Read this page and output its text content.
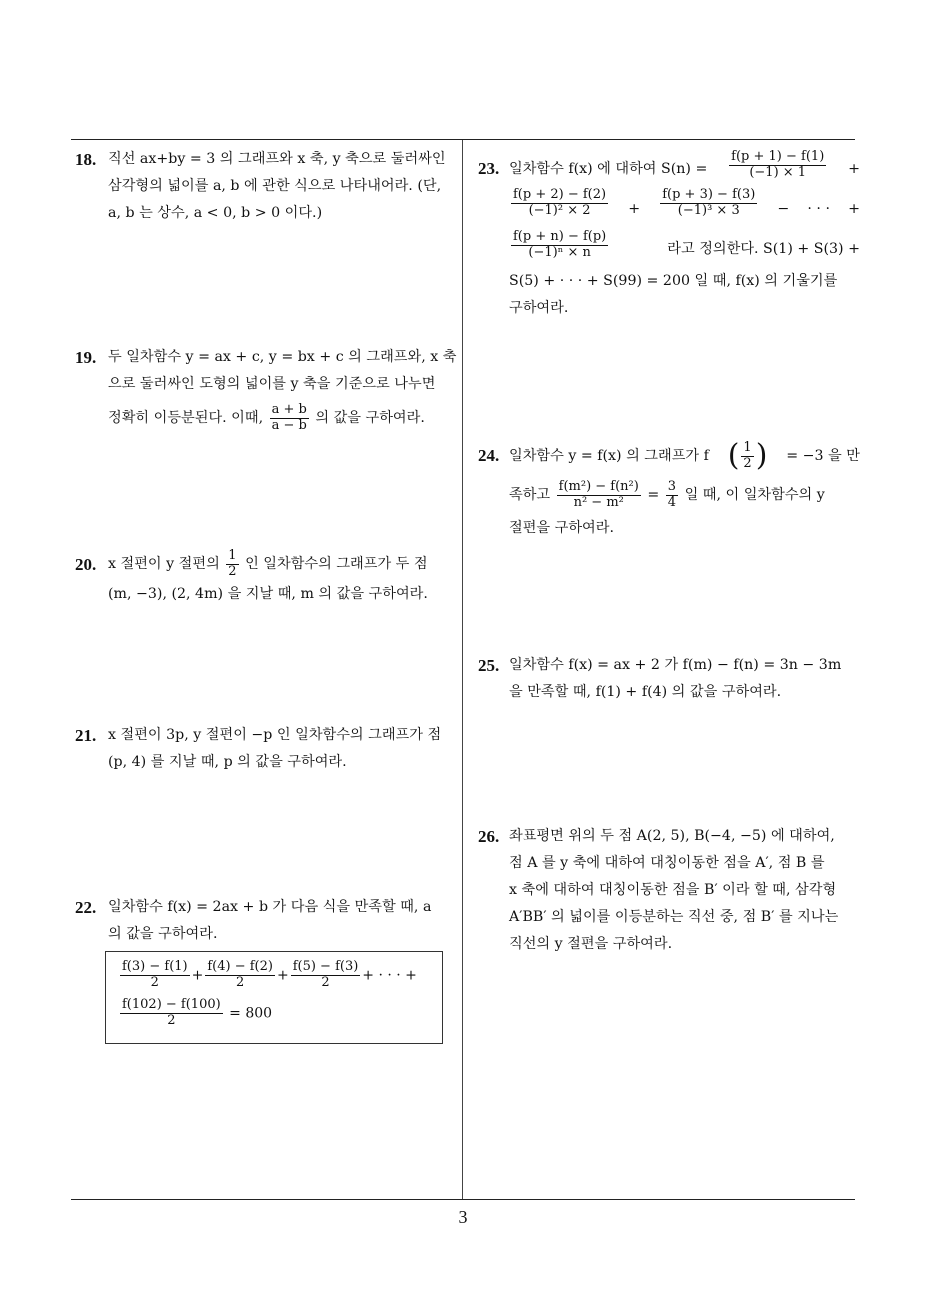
18. 직선 ax+by = 3 의 그래프와 x 축, y 축으로 둘러싸인
삼각형의 넓이를 a, b 에 관한 식으로 나타내어라. (단,
a, b 는 상수, a < 0, b > 0 이다.)
19. 두 일차함수 y = ax + c, y = bx + c 의 그래프와, x 축
으로 둘러싸인 도형의 넓이를 y 축을 기준으로 나누면
정확히 이등분된다. 이때, $\frac{a + b}{a - b}$ 의 값을 구하여라.
20. x 절편이 y 절편의 $\frac{1}{2}$ 인 일차함수의 그래프가 두 점
(m, −3), (2, 4m) 을 지날 때, m 의 값을 구하여라.
21. x 절편이 3p, y 절편이 −p 인 일차함수의 그래프가 점
(p, 4) 를 지날 때, p 의 값을 구하여라.
22. 일차함수 f(x) = 2ax + b 가 다음 식을 만족할 때, a
의 값을 구하여라.
$\frac{f(3) - f(1)}{2} + \frac{f(4) - f(2)}{2} + \frac{f(5) - f(3)}{2}$ + · · · +
$\frac{f(102) - f(100)}{2} = 800$
23. 일차함수 f(x) 에 대하여 $S(n) = \frac{f(p + 1) - f(1)}{(-1) \times 1}$ +
$\frac{f(p + 2) - f(2)}{\text{(−1)² × 2}} + \frac{f(p + 3) - f(3)}{\text{(−1)³ × 3}}$ − · · · +
$\frac{f(p + n) - f(p)}{\text{(−1)ⁿ × n}}$	라고 정의한다. S(1) + S(3) +
S(5) + · · · + S(99) = 200 일 때, f(x) 의 기울기를
구하여라.
24. 일차함수 y = f(x) 의 그래프가 f ( $\frac{1}{2}$ ) = −3 을 만
족하고 $\frac{\text{f(m²) − f(n²)}}{\text{n² − m²}} = \frac{3}{4}$ 일 때, 이 일차함수의 y
절편을 구하여라.
25. 일차함수 f(x) = ax + 2 가 f(m) − f(n) = 3n − 3m
을 만족할 때, f(1) + f(4) 의 값을 구하여라.
26. 좌표평면 위의 두 점 A(2, 5), B(−4, −5) 에 대하여,
점 A 를 y 축에 대하여 대칭이동한 점을 A′, 점 B 를
x 축에 대하여 대칭이동한 점을 B′ 이라 할 때, 삼각형
A′BB′ 의 넓이를 이등분하는 직선 중, 점 B′ 를 지나는
직선의 y 절편을 구하여라.
3
